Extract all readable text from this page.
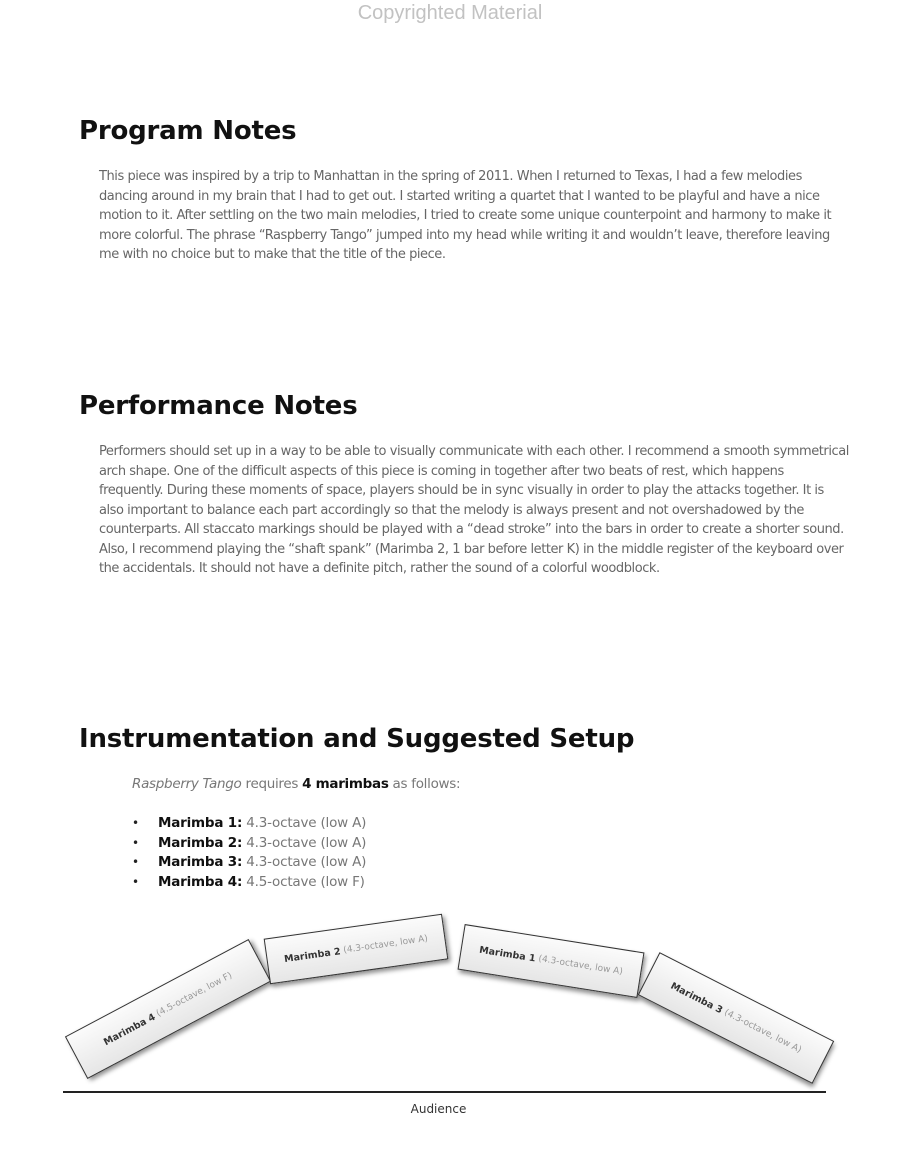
Copyrighted Material
Program Notes

This piece was inspired by a trip to Manhattan in the spring of 2011. When I returned to Texas, I had a few melodies dancing around in my brain that I had to get out. I started writing a quartet that I wanted to be playful and have a nice motion to it. After settling on the two main melodies, I tried to create some unique counterpoint and harmony to make it more colorful. The phrase “Raspberry Tango” jumped into my head while writing it and wouldn’t leave, therefore leaving me with no choice but to make that the title of the piece.

Performance Notes

Performers should set up in a way to be able to visually communicate with each other. I recommend a smooth symmetrical arch shape. One of the difficult aspects of this piece is coming in together after two beats of rest, which happens frequently. During these moments of space, players should be in sync visually in order to play the attacks together. It is also important to balance each part accordingly so that the melody is always present and not overshadowed by the counterparts. All staccato markings should be played with a “dead stroke” into the bars in order to create a shorter sound. Also, I recommend playing the “shaft spank” (Marimba 2, 1 bar before letter K) in the middle register of the keyboard over the accidentals. It should not have a definite pitch, rather the sound of a colorful woodblock.

Instrumentation and Suggested Setup

Raspberry Tango requires 4 marimbas as follows:

• Marimba 1: 4.3-octave (low A)
• Marimba 2: 4.3-octave (low A)
• Marimba 3: 4.3-octave (low A)
• Marimba 4: 4.5-octave (low F)
Marimba 4
(4.5-octave, low F)
Marimba 2 (4.3-octave, low A)	Marimba 1 (4.3-octave, low A)
Marimba 3
(4.3-octave, low A)
Audience
